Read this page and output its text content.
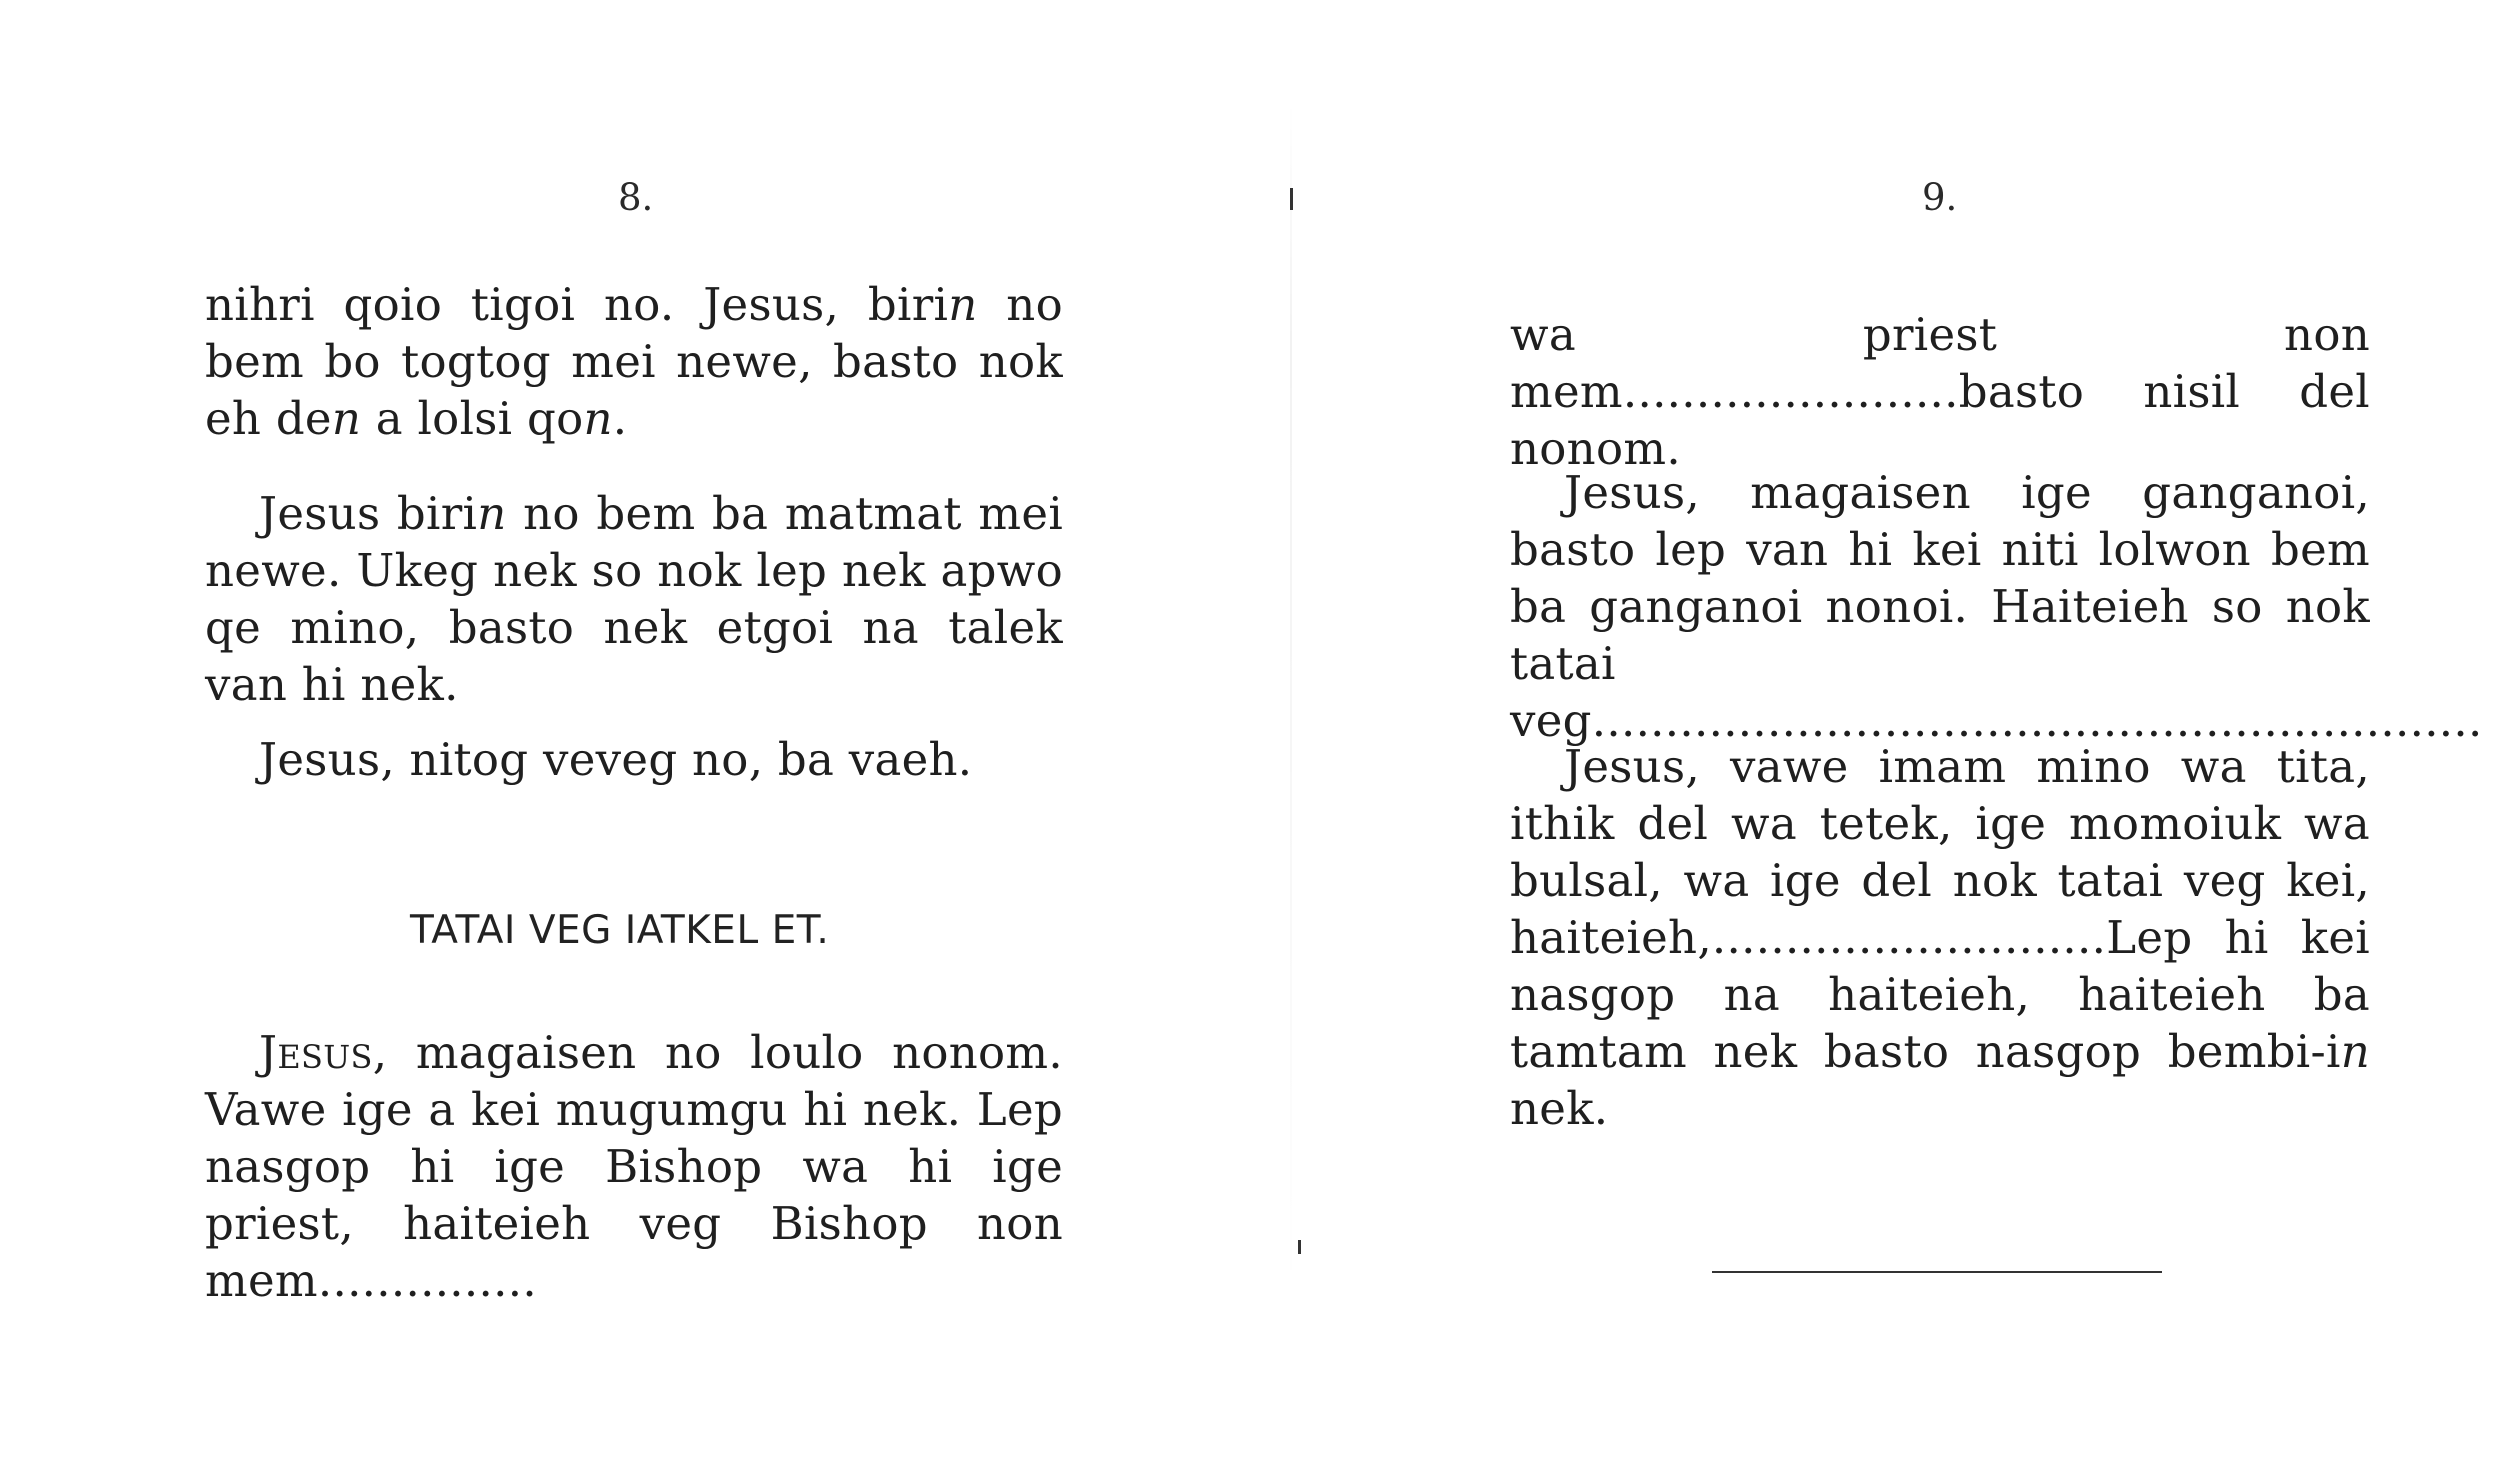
8.

nihri qoio tigoi no. Jesus, birin no bem bo togtog mei newe, basto nok eh den a lolsi qon.

Jesus birin no bem ba matmat mei newe. Ukeg nek so nok lep nek apwo qe mino, basto nek etgoi na talek van hi nek.

Jesus, nitog veveg no, ba vaeh.

TATAI VEG IATKEL ET.

Jesus, magaisen no loulo nonom. Vawe ige a kei mugumgu hi nek. Lep nasgop hi ige Bishop wa hi ige priest, haiteieh veg Bishop non mem...............

9.

wa priest non mem.......................basto nisil del nonom.

Jesus, magaisen ige ganganoi, basto lep van hi kei niti lolwon bem ba ganganoi nonoi. Haiteieh so nok tatai veg.............................................................

Jesus, vawe imam mino wa tita, ithik del wa tetek, ige momoiuk wa bulsal, wa ige del nok tatai veg kei, haiteieh,...........................Lep hi kei nasgop na haiteieh, haiteieh ba tamtam nek basto nasgop bembi-in nek.
